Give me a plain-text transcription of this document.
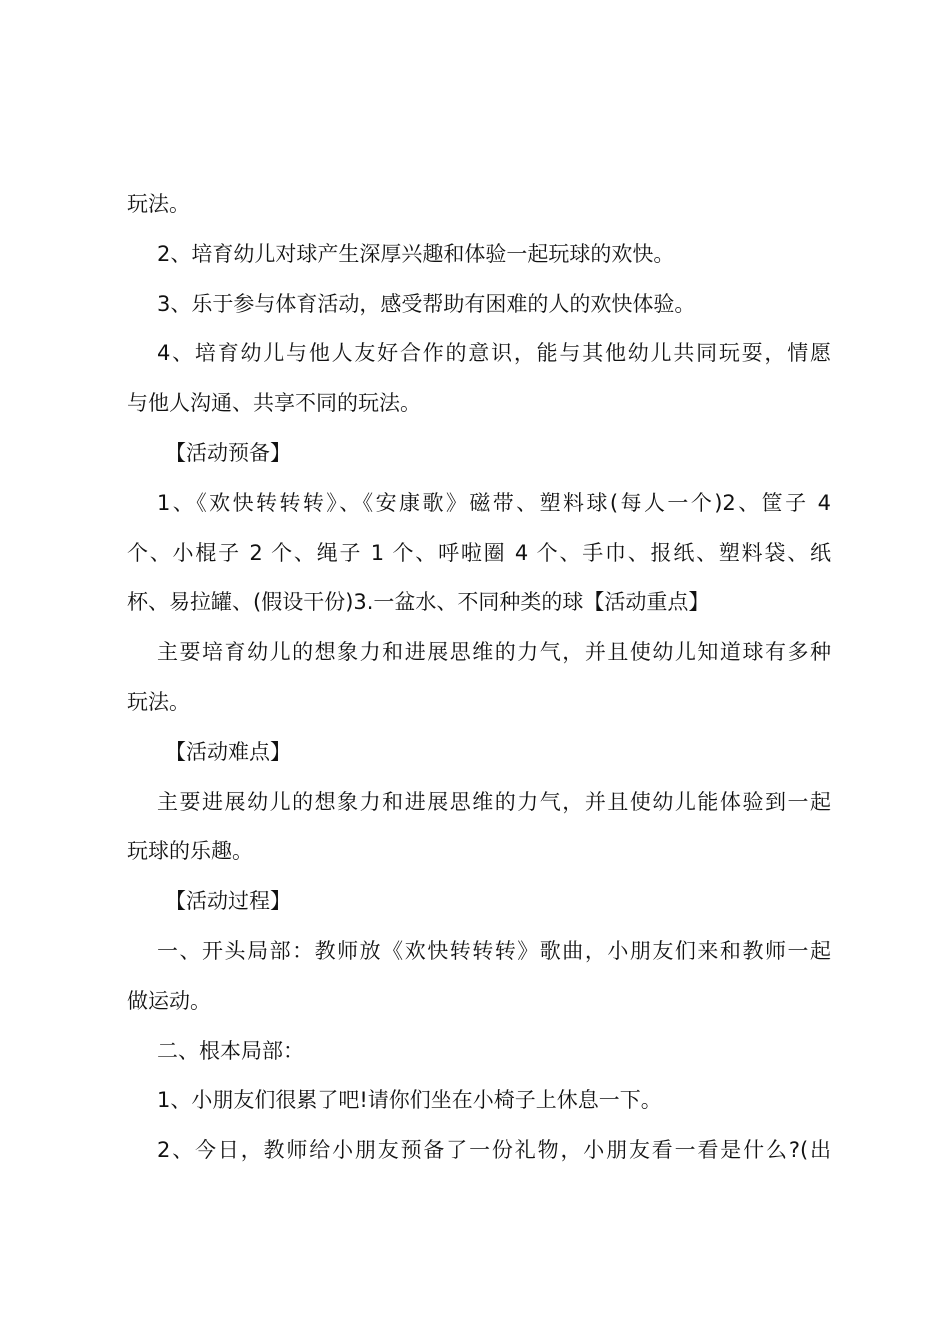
玩法。
2、培育幼儿对球产生深厚兴趣和体验一起玩球的欢快。
3、乐于参与体育活动，感受帮助有困难的人的欢快体验。
4、培育幼儿与他人友好合作的意识，能与其他幼儿共同玩耍，情愿
与他人沟通、共享不同的玩法。
【活动预备】
1、《欢快转转转》、《安康歌》磁带、塑料球(每人一个)2、筐子 4
个、小棍子 2 个、绳子 1 个、呼啦圈 4 个、手巾、报纸、塑料袋、纸
杯、易拉罐、(假设干份)3.一盆水、不同种类的球【活动重点】
主要培育幼儿的想象力和进展思维的力气，并且使幼儿知道球有多种
玩法。
【活动难点】
主要进展幼儿的想象力和进展思维的力气，并且使幼儿能体验到一起
玩球的乐趣。
【活动过程】
一、开头局部：教师放《欢快转转转》歌曲，小朋友们来和教师一起
做运动。
二、根本局部：
1、小朋友们很累了吧!请你们坐在小椅子上休息一下。
2、今日，教师给小朋友预备了一份礼物，小朋友看一看是什么?(出
